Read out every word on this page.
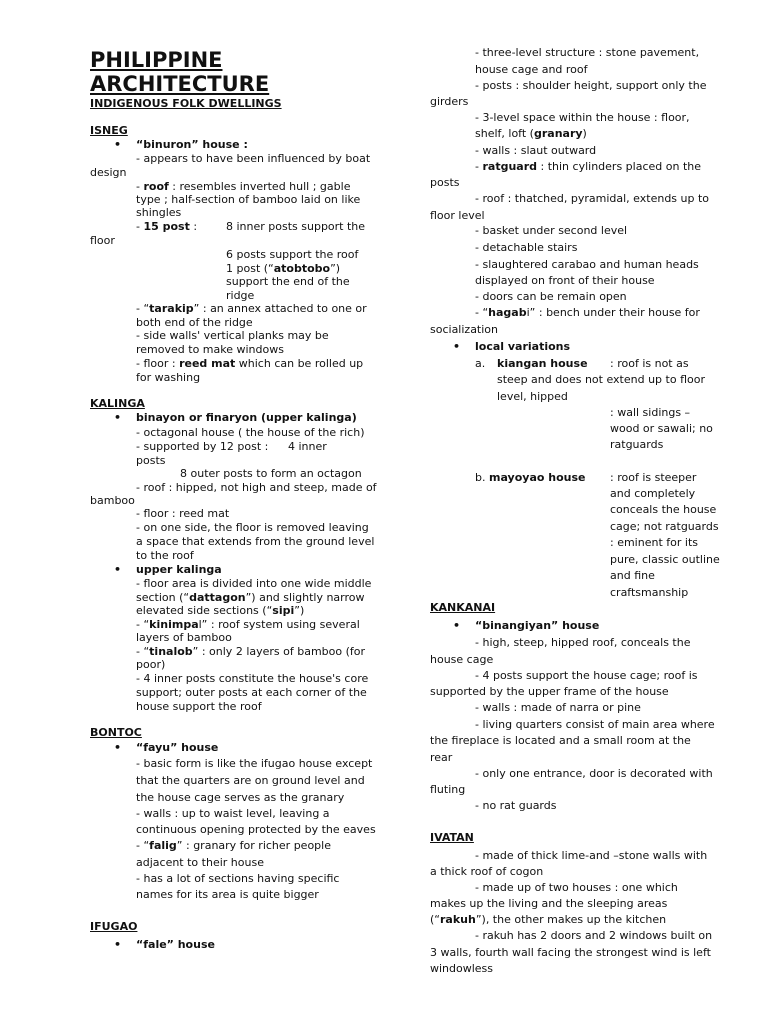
PHILIPPINE
ARCHITECTURE
INDIGENOUS FOLK DWELLINGS
ISNEG
• “binuron” house :
- appears to have been influenced by boat
design
- roof : resembles inverted hull ; gable
type ; half-section of bamboo laid on like
shingles
- 15 post :	8 inner posts support the
floor
6 posts support the roof
1 post (“atobtobo”)
support the end of the
ridge
- “tarakip” : an annex attached to one or
both end of the ridge
- side walls' vertical planks may be
removed to make windows
- floor : reed mat which can be rolled up
for washing
KALINGA
• binayon or finaryon (upper kalinga)
- octagonal house ( the house of the rich)
- supported by 12 post : 4 inner
posts
8 outer posts to form an octagon
- roof : hipped, not high and steep, made of
bamboo
- floor : reed mat
- on one side, the floor is removed leaving
a space that extends from the ground level
to the roof
• upper kalinga
- floor area is divided into one wide middle
section (“dattagon”) and slightly narrow
elevated side sections (“sipi”)
- “kinimpal” : roof system using several
layers of bamboo
- “tinalob” : only 2 layers of bamboo (for
poor)
- 4 inner posts constitute the house's core
support; outer posts at each corner of the
house support the roof
BONTOC
• “fayu” house
- basic form is like the ifugao house except
that the quarters are on ground level and
the house cage serves as the granary
- walls : up to waist level, leaving a
continuous opening protected by the eaves
- “falig” : granary for richer people
adjacent to their house
- has a lot of sections having specific
names for its area is quite bigger
IFUGAO
• “fale” house
- three-level structure : stone pavement,
house cage and roof
- posts : shoulder height, support only the
girders
- 3-level space within the house : floor,
shelf, loft (granary)
- walls : slaut outward
- ratguard : thin cylinders placed on the
posts
- roof : thatched, pyramidal, extends up to
floor level
- basket under second level
- detachable stairs
- slaughtered carabao and human heads
displayed on front of their house
- doors can be remain open
- “hagabi” : bench under their house for
socialization
• local variations
a. kiangan house : roof is not as
steep and does not extend up to floor
level, hipped
: wall sidings –
wood or sawali; no
ratguards
b. mayoyao house : roof is steeper
and completely
conceals the house
cage; not ratguards
: eminent for its
pure, classic outline
and fine
craftsmanship
KANKANAI
• “binangiyan” house
- high, steep, hipped roof, conceals the
house cage
- 4 posts support the house cage; roof is
supported by the upper frame of the house
- walls : made of narra or pine
- living quarters consist of main area where
the fireplace is located and a small room at the
rear
- only one entrance, door is decorated with
fluting
- no rat guards
IVATAN
- made of thick lime-and –stone walls with
a thick roof of cogon
- made up of two houses : one which
makes up the living and the sleeping areas
(“rakuh”), the other makes up the kitchen
- rakuh has 2 doors and 2 windows built on
3 walls, fourth wall facing the strongest wind is left
windowless
